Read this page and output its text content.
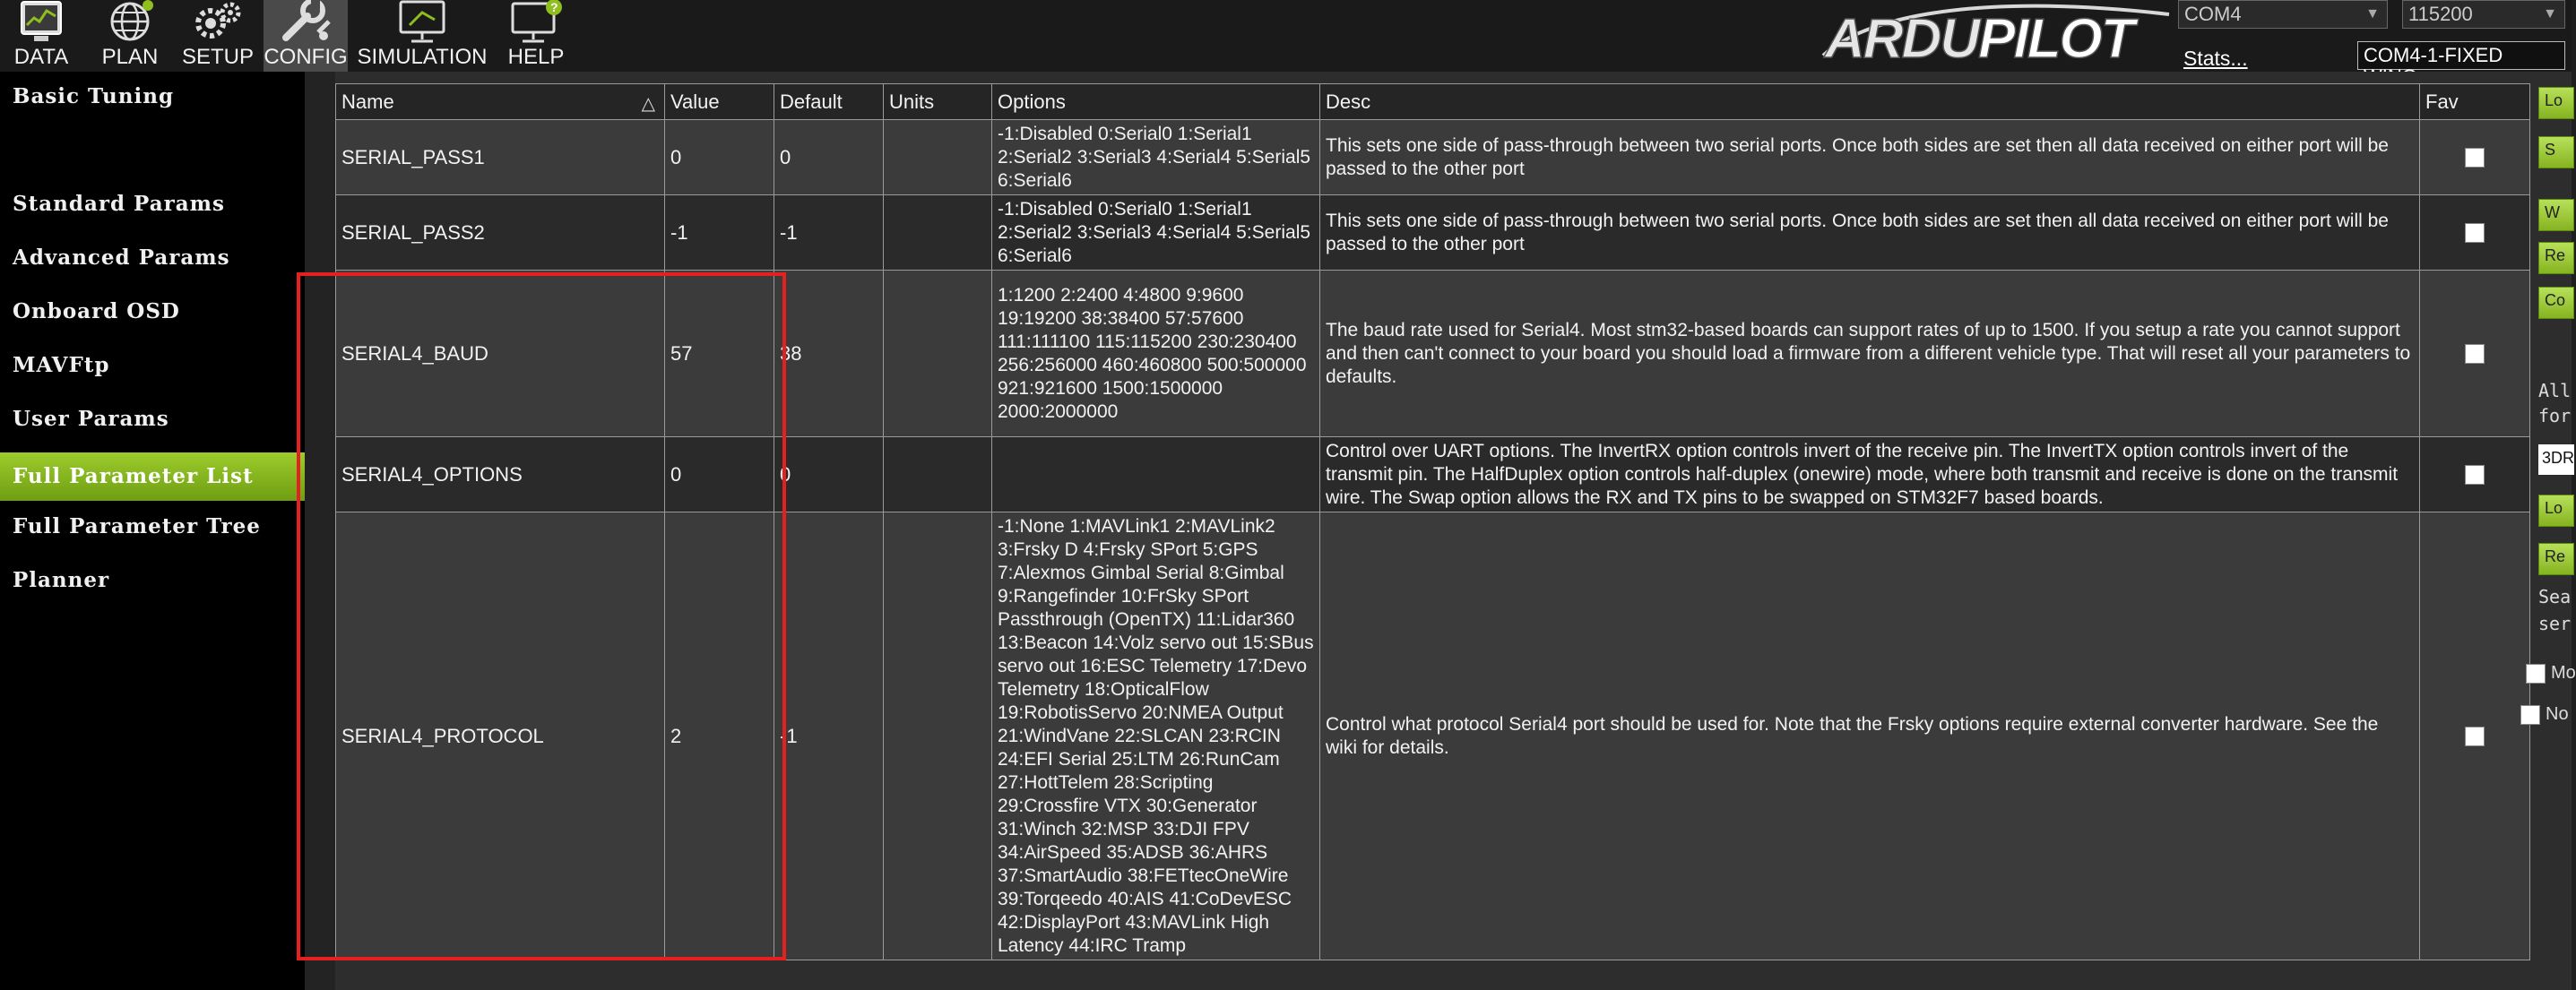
DATA PLAN SETUP CONFIG SIMULATION
?
HELP	ARDUPILOT	COM4	▼	115200	▼
Stats...	COM4-1-FIXED
Basic Tuning
Standard Params
Advanced Params
Onboard OSD
MAVFtp
User Params
Full Parameter List
Full Parameter Tree
Planner
Name △	Value	Default	Units	Options	Desc	Fav
SERIAL_PASS1	0	0		-1:Disabled 0:Serial0 1:Serial1 2:Serial2 3:Serial3 4:Serial4 5:Serial5 6:Serial6	This sets one side of pass-through between two serial ports. Once both sides are set then all data received on either port will be passed to the other port	

SERIAL_PASS2	-1	-1		-1:Disabled 0:Serial0 1:Serial1 2:Serial2 3:Serial3 4:Serial4 5:Serial5 6:Serial6	This sets one side of pass-through between two serial ports. Once both sides are set then all data received on either port will be passed to the other port	

SERIAL4_BAUD	57	38		1:1200 2:2400 4:4800 9:9600 19:19200 38:38400 57:57600 111:111100 115:115200 230:230400 256:256000 460:460800 500:500000 921:921600 1500:1500000 2000:2000000	The baud rate used for Serial4. Most stm32-based boards can support rates of up to 1500. If you setup a rate you cannot support and then can't connect to your board you should load a firmware from a different vehicle type. That will reset all your parameters to defaults.	

SERIAL4_OPTIONS	0	0			Control over UART options. The InvertRX option controls invert of the receive pin. The InvertTX option controls invert of the transmit pin. The HalfDuplex option controls half-duplex (onewire) mode, where both transmit and receive is done on the transmit wire. The Swap option allows the RX and TX pins to be swapped on STM32F7 based boards.	

SERIAL4_PROTOCOL	2	-1		-1:None 1:MAVLink1 2:MAVLink2 3:Frsky D 4:Frsky SPort 5:GPS 7:Alexmos Gimbal Serial 8:Gimbal 9:Rangefinder 10:FrSky SPort Passthrough (OpenTX) 11:Lidar360 13:Beacon 14:Volz servo out 15:SBus servo out 16:ESC Telemetry 17:Devo Telemetry 18:OpticalFlow 19:RobotisServo 20:NMEA Output 21:WindVane 22:SLCAN 23:RCIN 24:EFI Serial 25:LTM 26:RunCam 27:HottTelem 28:Scripting 29:Crossfire VTX 30:Generator 31:Winch 32:MSP 33:DJI FPV 34:AirSpeed 35:ADSB 36:AHRS 37:SmartAudio 38:FETtecOneWire 39:Torqeedo 40:AIS 41:CoDevESC 42:DisplayPort 43:MAVLink High Latency 44:IRC Tramp	Control what protocol Serial4 port should be used for. Note that the Frsky options require external converter hardware. See the wiki for details.	
Lo
S
W
Re
Co
All
for
3DR
Lo
Re
Sea
ser
Mo
No
